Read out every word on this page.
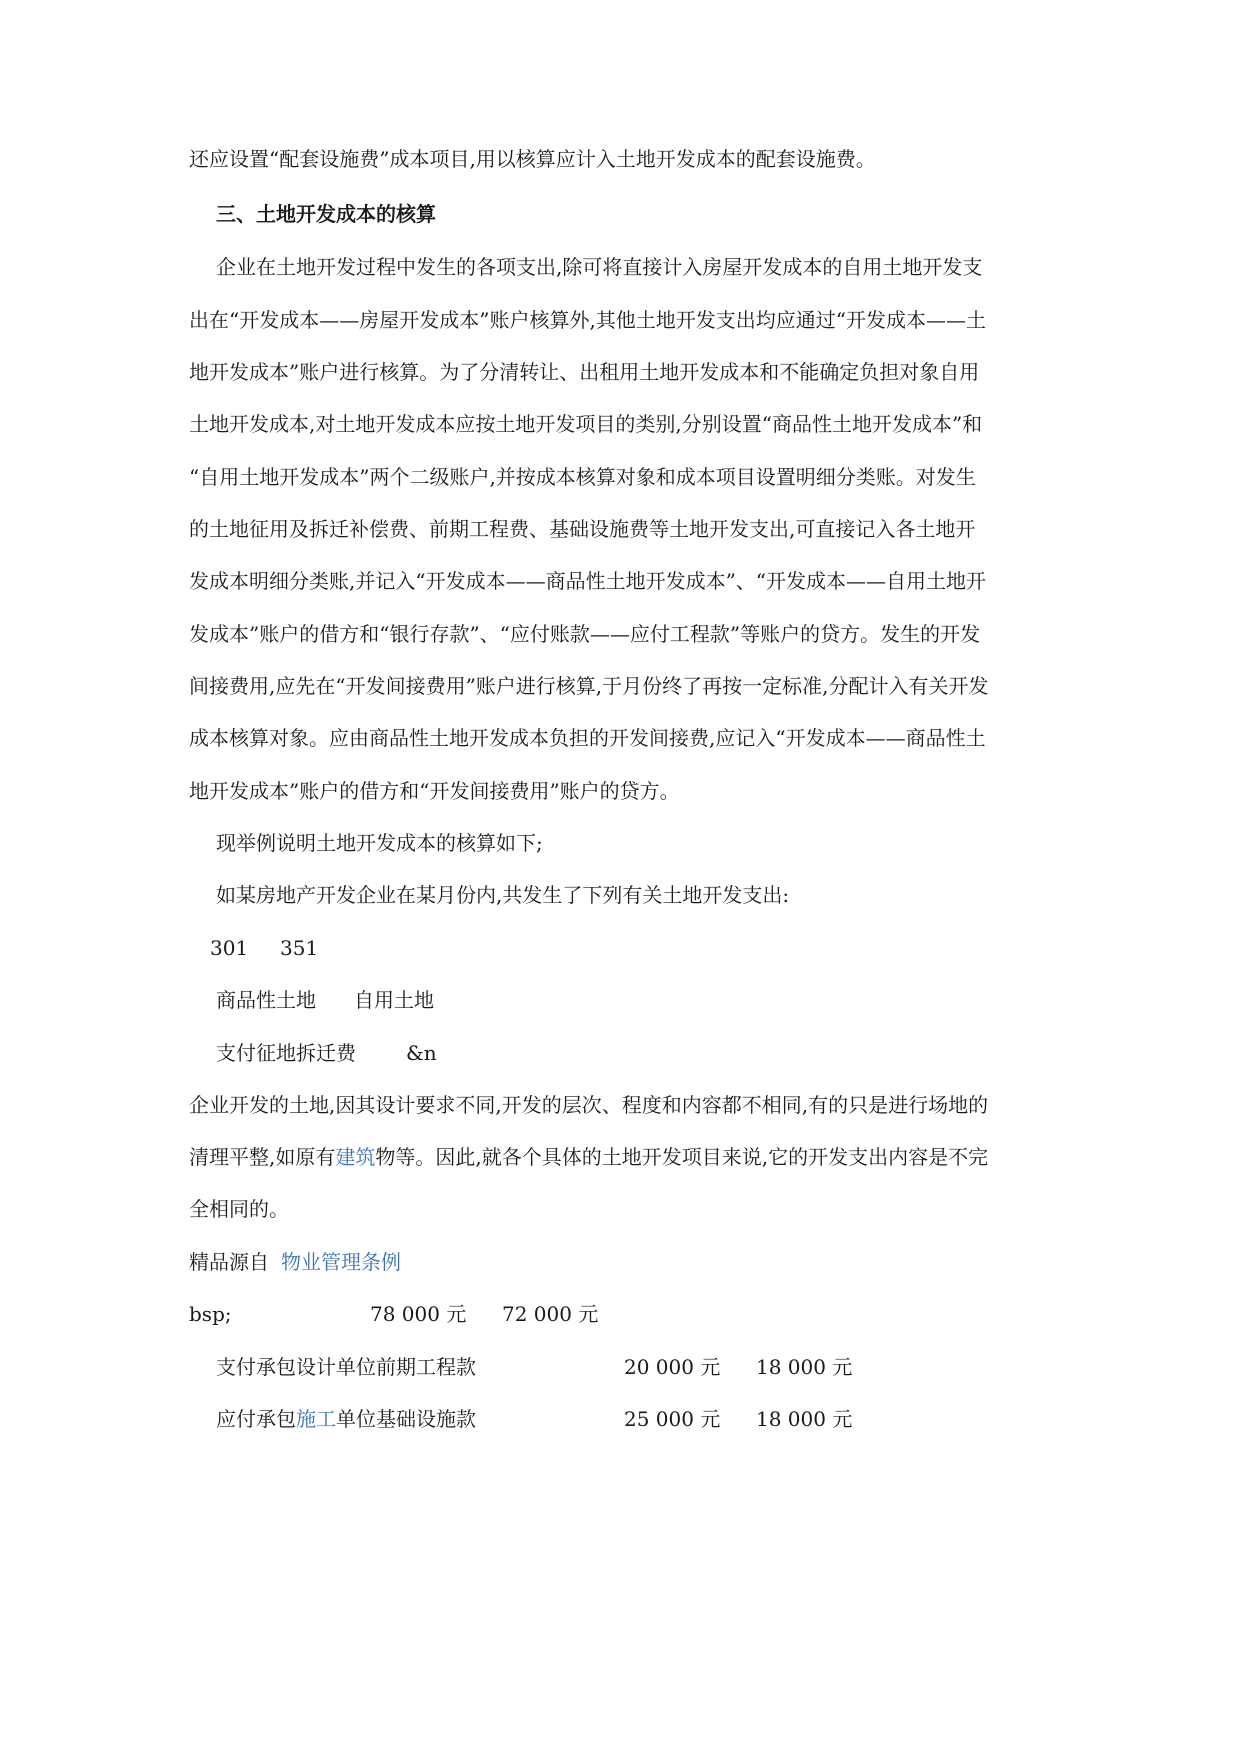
还应设置“配套设施费”成本项目,用以核算应计入土地开发成本的配套设施费。
三、土地开发成本的核算
企业在土地开发过程中发生的各项支出,除可将直接计入房屋开发成本的自用土地开发支
出在“开发成本——房屋开发成本”账户核算外,其他土地开发支出均应通过“开发成本——土
地开发成本”账户进行核算。为了分清转让、出租用土地开发成本和不能确定负担对象自用
土地开发成本,对土地开发成本应按土地开发项目的类别,分别设置“商品性土地开发成本”和
“自用土地开发成本”两个二级账户,并按成本核算对象和成本项目设置明细分类账。对发生
的土地征用及拆迁补偿费、前期工程费、基础设施费等土地开发支出,可直接记入各土地开
发成本明细分类账,并记入“开发成本——商品性土地开发成本”、“开发成本——自用土地开
发成本”账户的借方和“银行存款”、“应付账款——应付工程款”等账户的贷方。发生的开发
间接费用,应先在“开发间接费用”账户进行核算,于月份终了再按一定标准,分配计入有关开发
成本核算对象。应由商品性土地开发成本负担的开发间接费,应记入“开发成本——商品性土
地开发成本”账户的借方和“开发间接费用”账户的贷方。
现举例说明土地开发成本的核算如下;
如某房地产开发企业在某月份内,共发生了下列有关土地开发支出:
301 351
商品性土地 自用土地
支付征地拆迁费	&n
企业开发的土地,因其设计要求不同,开发的层次、程度和内容都不相同,有的只是进行场地的
清理平整,如原有建筑物等。因此,就各个具体的土地开发项目来说,它的开发支出内容是不完
全相同的。
精品源自 物业管理条例
bsp;	78 000 元 72 000 元
支付承包设计单位前期工程款	20 000 元 18 000 元
应付承包施工单位基础设施款	25 000 元 18 000 元
